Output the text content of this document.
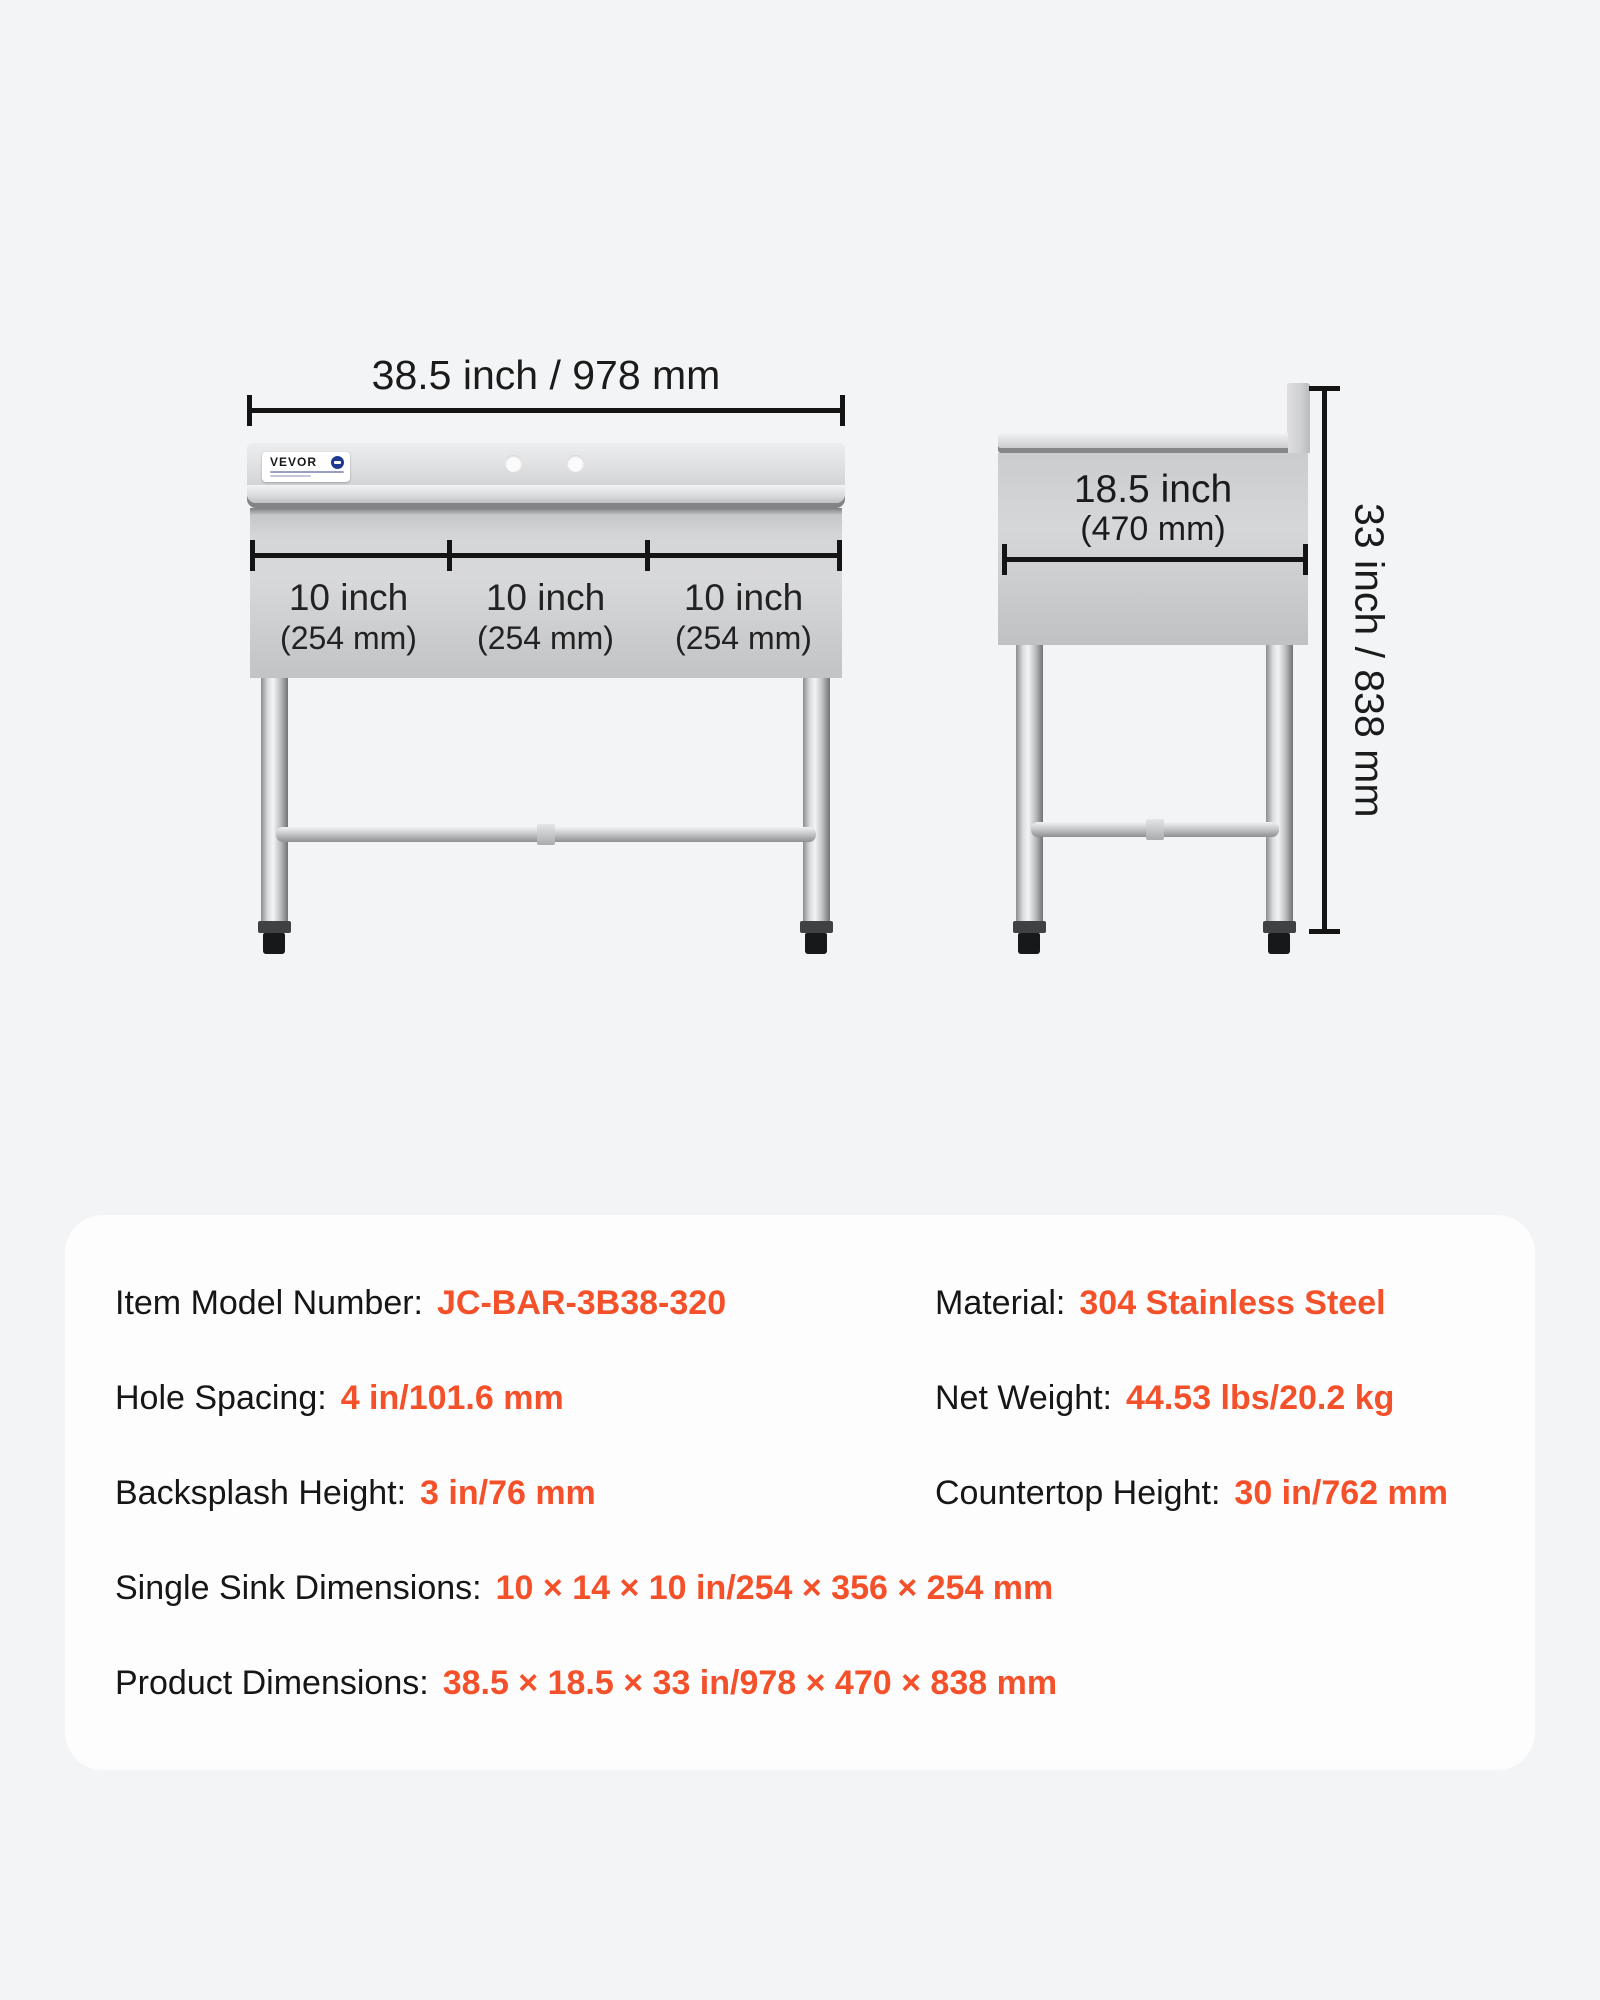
38.5 inch / 978 mm
VEVOR
10 inch
(254 mm)
10 inch
(254 mm)
10 inch
(254 mm)
18.5 inch
(470 mm)	33 inch / 838 mm
Item Model Number: JC-BAR-3B38-320	Material: 304 Stainless Steel
Hole Spacing: 4 in/101.6 mm	Net Weight: 44.53 lbs/20.2 kg
Backsplash Height: 3 in/76 mm	Countertop Height: 30 in/762 mm
Single Sink Dimensions: 10 × 14 × 10 in/254 × 356 × 254 mm
Product Dimensions: 38.5 × 18.5 × 33 in/978 × 470 × 838 mm
